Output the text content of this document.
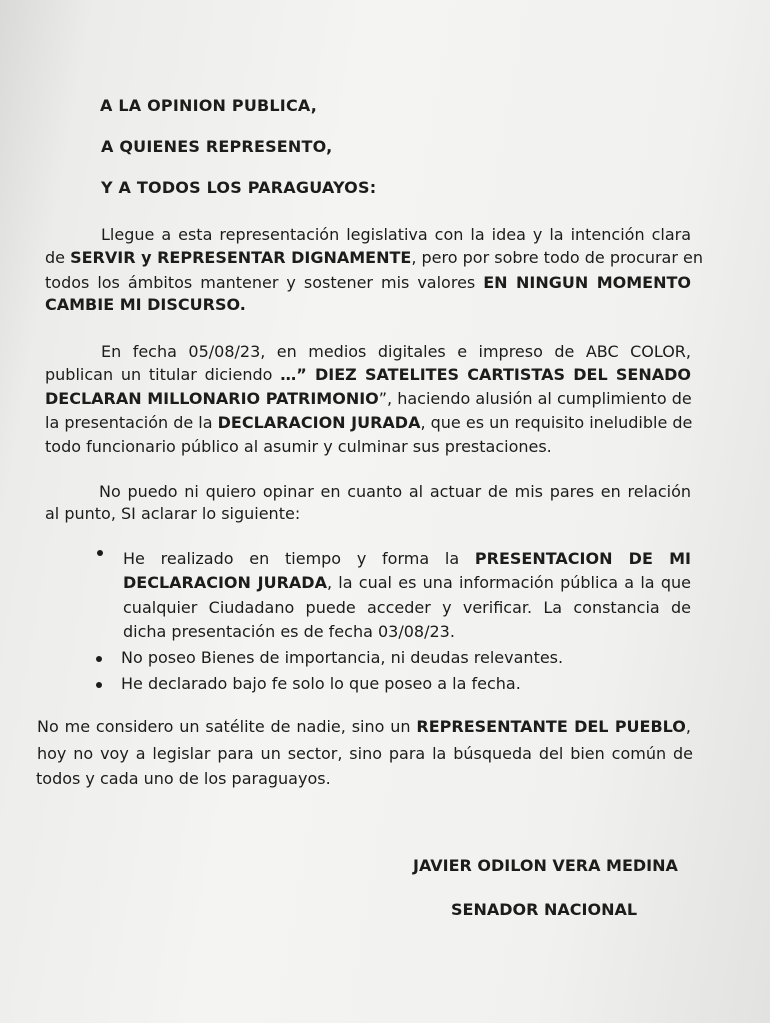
A LA OPINION PUBLICA,
A QUIENES REPRESENTO,
Y A TODOS LOS PARAGUAYOS:
Llegue a esta representación legislativa con la idea y la intención clara
de SERVIR y REPRESENTAR DIGNAMENTE, pero por sobre todo de procurar en
todos los ámbitos mantener y sostener mis valores EN NINGUN MOMENTO
CAMBIE MI DISCURSO.
En fecha 05/08/23, en medios digitales e impreso de ABC COLOR,
publican un titular diciendo …” DIEZ SATELITES CARTISTAS DEL SENADO
DECLARAN MILLONARIO PATRIMONIO”, haciendo alusión al cumplimiento de
la presentación de la DECLARACION JURADA, que es un requisito ineludible de
todo funcionario público al asumir y culminar sus prestaciones.
No puedo ni quiero opinar en cuanto al actuar de mis pares en relación
al punto, SI aclarar lo siguiente:
He realizado en tiempo y forma la PRESENTACION DE MI
DECLARACION JURADA, la cual es una información pública a la que
cualquier Ciudadano puede acceder y verificar. La constancia de
dicha presentación es de fecha 03/08/23.
No poseo Bienes de importancia, ni deudas relevantes.
He declarado bajo fe solo lo que poseo a la fecha.
No me considero un satélite de nadie, sino un REPRESENTANTE DEL PUEBLO,
hoy no voy a legislar para un sector, sino para la búsqueda del bien común de
todos y cada uno de los paraguayos.
JAVIER ODILON VERA MEDINA
SENADOR NACIONAL
